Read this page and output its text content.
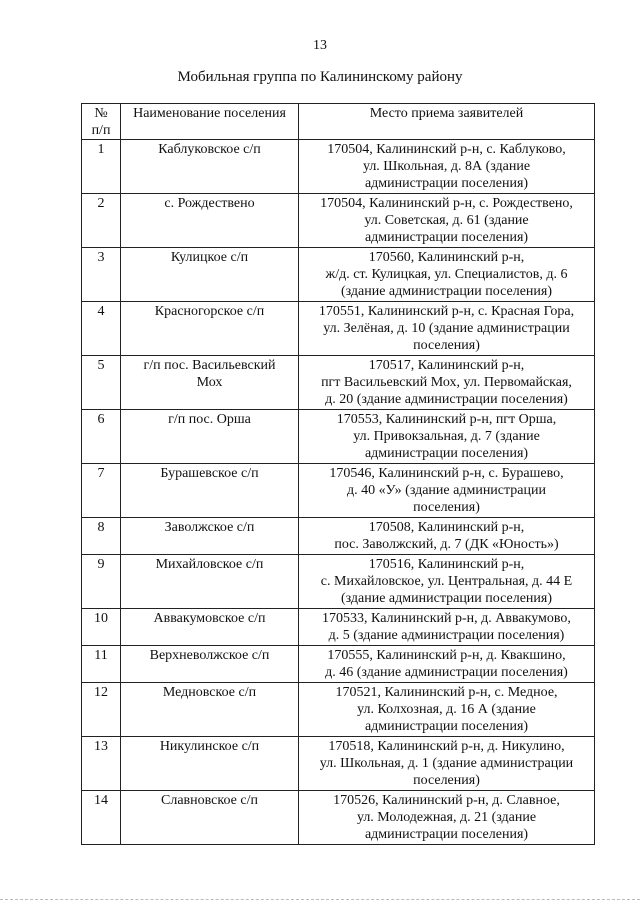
13
Мобильная группа по Калининскому району
№
п/п	Наименование поселения	Место приема заявителей
1	Каблуковское с/п	170504, Калининский р-н, с. Каблуково,
ул. Школьная, д. 8А (здание
администрации поселения)
2	с. Рождествено	170504, Калининский р-н, с. Рождествено,
ул. Советская, д. 61 (здание
администрации поселения)
3	Кулицкое с/п	170560, Калининский р-н,
ж/д. ст. Кулицкая, ул. Специалистов, д. 6
(здание администрации поселения)
4	Красногорское с/п	170551, Калининский р-н, с. Красная Гора,
ул. Зелёная, д. 10 (здание администрации
поселения)
5	г/п пос. Васильевский
Мох	170517, Калининский р-н,
пгт Васильевский Мох, ул. Первомайская,
д. 20 (здание администрации поселения)
6	г/п пос. Орша	170553, Калининский р-н, пгт Орша,
ул. Привокзальная, д. 7 (здание
администрации поселения)
7	Бурашевское с/п	170546, Калининский р-н, с. Бурашево,
д. 40 «У» (здание администрации
поселения)
8	Заволжское с/п	170508, Калининский р-н,
пос. Заволжский, д. 7 (ДК «Юность»)
9	Михайловское с/п	170516, Калининский р-н,
с. Михайловское, ул. Центральная, д. 44 Е
(здание администрации поселения)
10	Аввакумовское с/п	170533, Калининский р-н, д. Аввакумово,
д. 5 (здание администрации поселения)
11	Верхневолжское с/п	170555, Калининский р-н, д. Квакшино,
д. 46 (здание администрации поселения)
12	Медновское с/п	170521, Калининский р-н, с. Медное,
ул. Колхозная, д. 16 А (здание
администрации поселения)
13	Никулинское с/п	170518, Калининский р-н, д. Никулино,
ул. Школьная, д. 1 (здание администрации
поселения)
14	Славновское с/п	170526, Калининский р-н, д. Славное,
ул. Молодежная, д. 21 (здание
администрации поселения)
